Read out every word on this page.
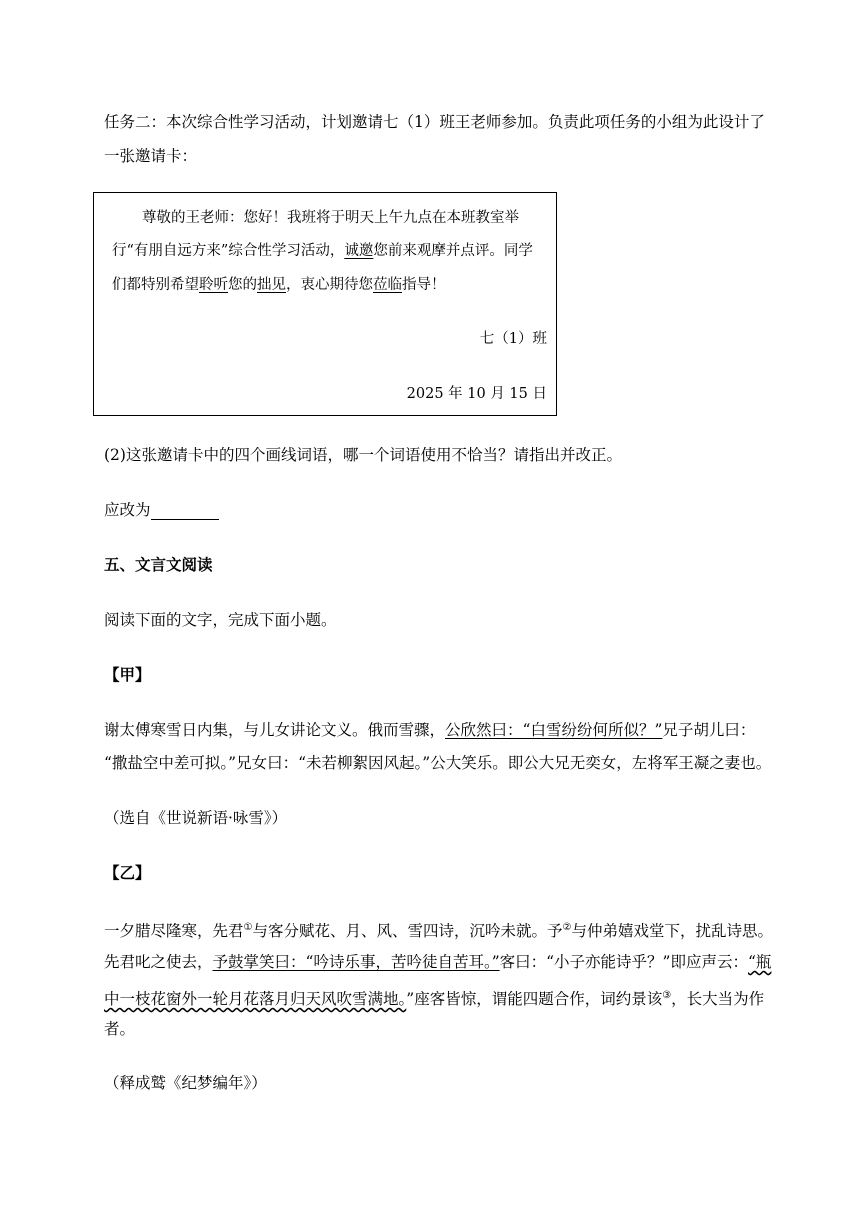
任务二：本次综合性学习活动，计划邀请七（1）班王老师参加。负责此项任务的小组为此设计了
一张邀请卡：
尊敬的王老师：您好！我班将于明天上午九点在本班教室举
行“有朋自远方来”综合性学习活动，诚邀您前来观摩并点评。同学
们都特别希望聆听您的拙见，衷心期待您莅临指导！
七（1）班
2025 年 10 月 15 日
(2)这张邀请卡中的四个画线词语，哪一个词语使用不恰当？请指出并改正。
应改为
五、文言文阅读
阅读下面的文字，完成下面小题。
【甲】
谢太傅寒雪日内集，与儿女讲论文义。俄而雪骤，公欣然曰：“白雪纷纷何所似？”兄子胡儿曰：
“撒盐空中差可拟。”兄女曰：“未若柳絮因风起。”公大笑乐。即公大兄无奕女，左将军王凝之妻也。
（选自《世说新语·咏雪》）
【乙】
一夕腊尽隆寒，先君①与客分赋花、月、风、雪四诗，沉吟未就。予②与仲弟嬉戏堂下，扰乱诗思。
先君叱之使去，予鼓掌笑曰：“吟诗乐事，苦吟徒自苦耳。”客曰：“小子亦能诗乎？”即应声云：“瓶
中一枝花窗外一轮月花落月归天风吹雪满地。”座客皆惊，谓能四题合作，词约景该③，长大当为作
者。
（释成鹫《纪梦编年》）
